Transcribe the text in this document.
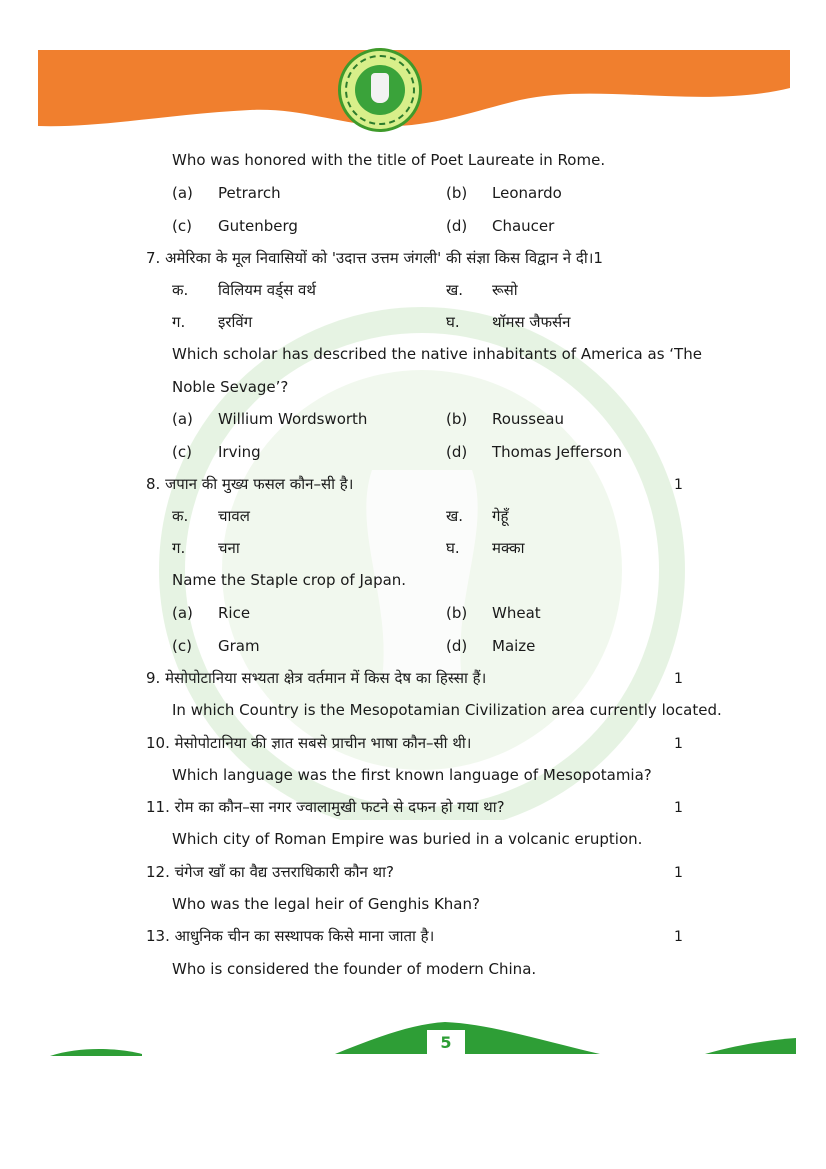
Who was honored with the title of Poet Laureate in Rome.
(a) Petrarch	(b) Leonardo
(c) Gutenberg	(d) Chaucer
7. अमेरिका के मूल निवासियों को 'उदात्त उत्तम जंगली' की संज्ञा किस विद्वान ने दी।1
क. विलियम वर्ड्स वर्थ	ख. रूसो
ग. इरविंग	घ. थॉमस जैफर्सन
Which scholar has described the native inhabitants of America as ‘The
Noble Sevage’?
(a) Willium Wordsworth	(b) Rousseau
(c) Irving	(d) Thomas Jefferson
8. जपान की मुख्य फसल कौन–सी है।	1
क. चावल	ख. गेहूँ
ग. चना	घ. मक्का
Name the Staple crop of Japan.
(a) Rice	(b) Wheat
(c) Gram	(d) Maize
9. मेसोपोटानिया सभ्यता क्षेत्र वर्तमान में किस देष का हिस्सा हैं।	1
In which Country is the Mesopotamian Civilization area currently located.
10. मेसोपोटानिया की ज्ञात सबसे प्राचीन भाषा कौन–सी थी।	1
Which language was the first known language of Mesopotamia?
11. रोम का कौन–सा नगर ज्वालामुखी फटने से दफन हो गया था?	1
Which city of Roman Empire was buried in a volcanic eruption.
12. चंगेज खॉं का वैद्य उत्तराधिकारी कौन था?	1
Who was the legal heir of Genghis Khan?
13. आधुनिक चीन का सस्थापक किसे माना जाता है।	1
Who is considered the founder of modern China.
5
